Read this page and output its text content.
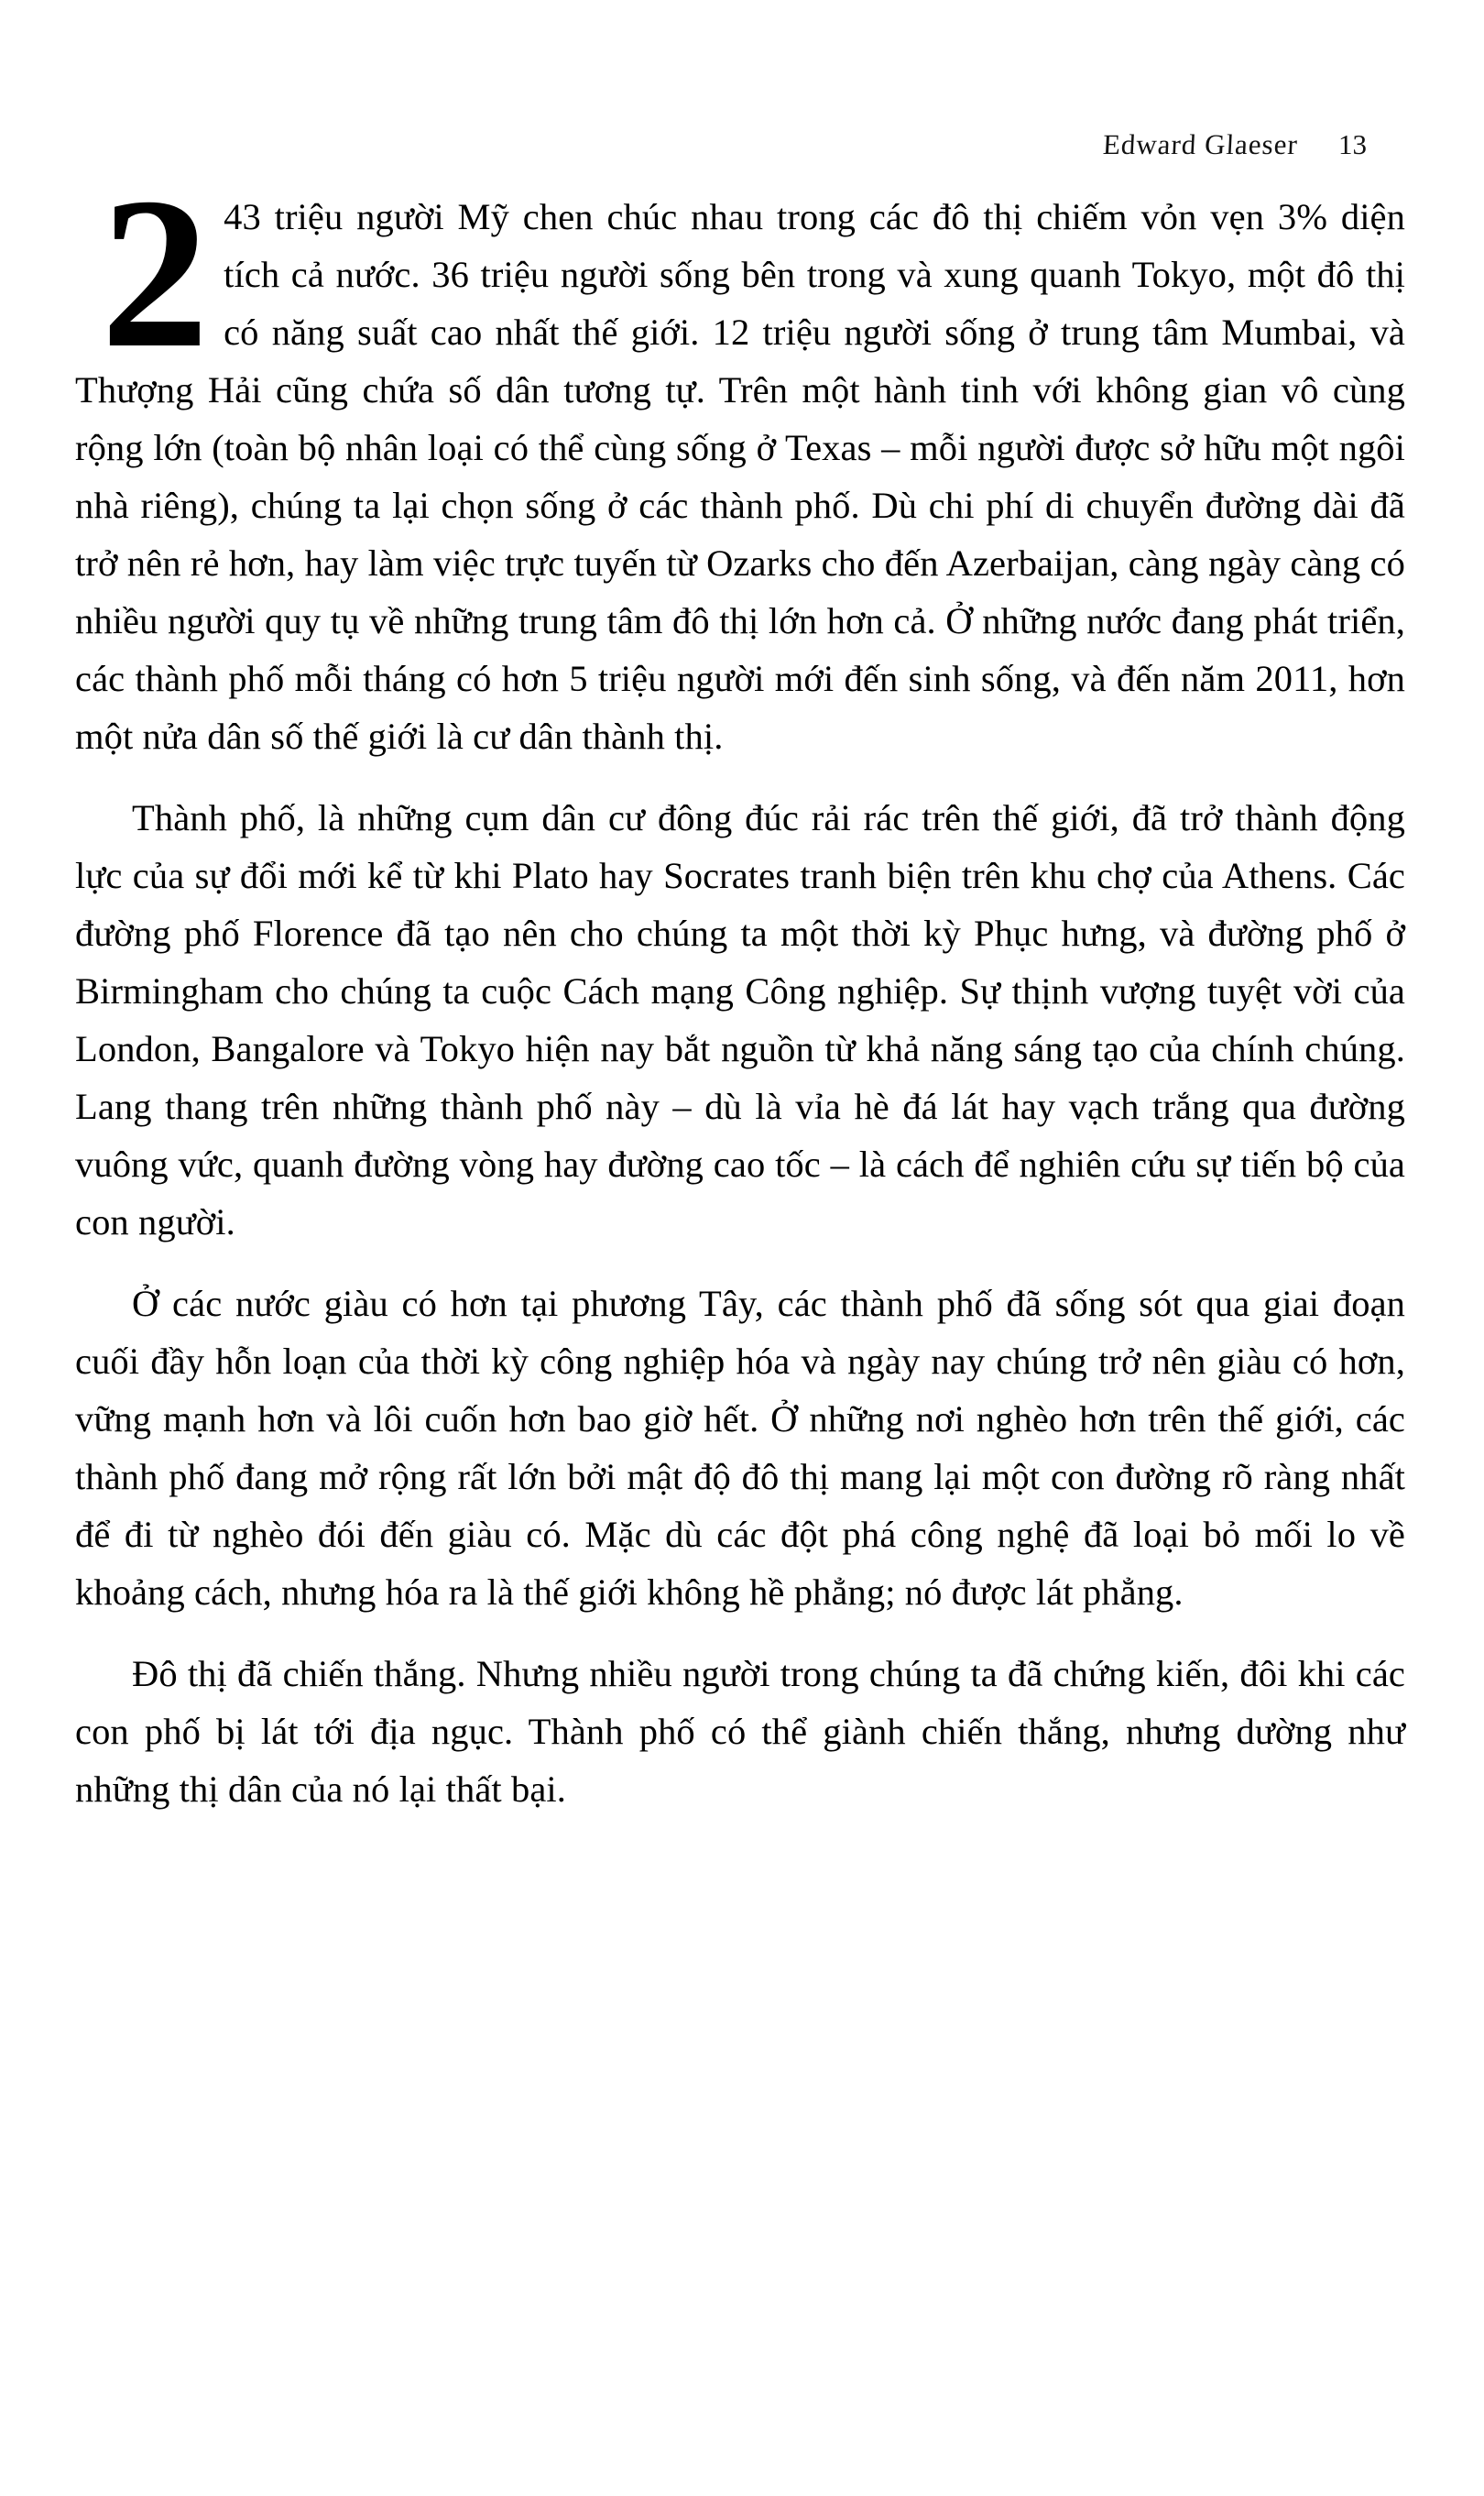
Edward Glaeser 13

2 43 triệu người Mỹ chen chúc nhau trong các đô thị chiếm vỏn vẹn 3% diện tích cả nước. 36 triệu người sống bên trong và xung quanh Tokyo, một đô thị có năng suất cao nhất thế giới. 12 triệu người sống ở trung tâm Mumbai, và Thượng Hải cũng chứa số dân tương tự. Trên một hành tinh với không gian vô cùng rộng lớn (toàn bộ nhân loại có thể cùng sống ở Texas – mỗi người được sở hữu một ngôi nhà riêng), chúng ta lại chọn sống ở các thành phố. Dù chi phí di chuyển đường dài đã trở nên rẻ hơn, hay làm việc trực tuyến từ Ozarks cho đến Azerbaijan, càng ngày càng có nhiều người quy tụ về những trung tâm đô thị lớn hơn cả. Ở những nước đang phát triển, các thành phố mỗi tháng có hơn 5 triệu người mới đến sinh sống, và đến năm 2011, hơn một nửa dân số thế giới là cư dân thành thị.

Thành phố, là những cụm dân cư đông đúc rải rác trên thế giới, đã trở thành động lực của sự đổi mới kể từ khi Plato hay Socrates tranh biện trên khu chợ của Athens. Các đường phố Florence đã tạo nên cho chúng ta một thời kỳ Phục hưng, và đường phố ở Birmingham cho chúng ta cuộc Cách mạng Công nghiệp. Sự thịnh vượng tuyệt vời của London, Bangalore và Tokyo hiện nay bắt nguồn từ khả năng sáng tạo của chính chúng. Lang thang trên những thành phố này – dù là vỉa hè đá lát hay vạch trắng qua đường vuông vức, quanh đường vòng hay đường cao tốc – là cách để nghiên cứu sự tiến bộ của con người.

Ở các nước giàu có hơn tại phương Tây, các thành phố đã sống sót qua giai đoạn cuối đầy hỗn loạn của thời kỳ công nghiệp hóa và ngày nay chúng trở nên giàu có hơn, vững mạnh hơn và lôi cuốn hơn bao giờ hết. Ở những nơi nghèo hơn trên thế giới, các thành phố đang mở rộng rất lớn bởi mật độ đô thị mang lại một con đường rõ ràng nhất để đi từ nghèo đói đến giàu có. Mặc dù các đột phá công nghệ đã loại bỏ mối lo về khoảng cách, nhưng hóa ra là thế giới không hề phẳng; nó được lát phẳng.

Đô thị đã chiến thắng. Nhưng nhiều người trong chúng ta đã chứng kiến, đôi khi các con phố bị lát tới địa ngục. Thành phố có thể giành chiến thắng, nhưng dường như những thị dân của nó lại thất bại.
